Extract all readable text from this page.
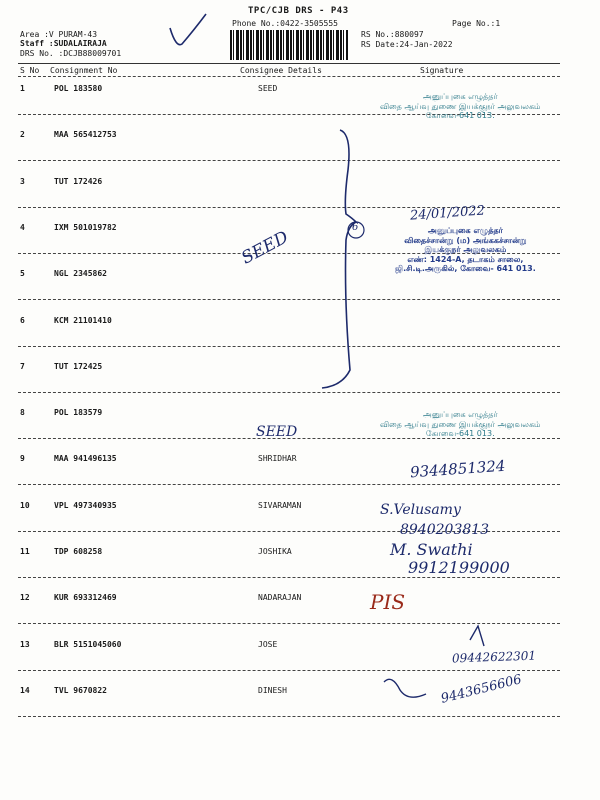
TPC/CJB DRS - P43
Phone No.:0422-3505555	Page No.:1
Area :V PURAM-43
Staff :SUDALAIRAJA
DRS No. :DCJB88009701
RS No.:880097
RS Date:24-Jan-2022
S No Consignment No	Consignee Details	Signature
1	POL 183580	SEED
2	MAA 565412753
3	TUT 172426
4	IXM 501019782
5	NGL 2345862
6	KCM 21101410
7	TUT 172425
8	POL 183579
9	MAA 941496135	SHRIDHAR
10	VPL 497340935	SIVARAMAN
11	TDP 608258	JOSHIKA
12	KUR 693312469	NADARAJAN
13	BLR 5151045060	JOSE
14	TVL 9670822	DINESH
SEED	6
24/01/2022
SEED
9344851324
S.Velusamy
8940203813
M. Swathi
9912199000
PIS
09442622301
9443656606
அனுப்புகை எழுத்தர்
விதை ஆய்வு துணை இயக்குநர் அலுவலகம்
கோவை-641 013.
அனுப்புகை எழுத்தர்
விதைச்சான்று (ம) அங்ககச்சான்று
இயக்குநர் அலுவலகம்
எண்: 1424-A, தடாகம் சாலை,
ஜி.சி.டி.அருகில், கோவை- 641 013.
அனுப்புகை எழுத்தர்
விதை ஆய்வு துணை இயக்குநர் அலுவலகம்
கோவை-641 013.
